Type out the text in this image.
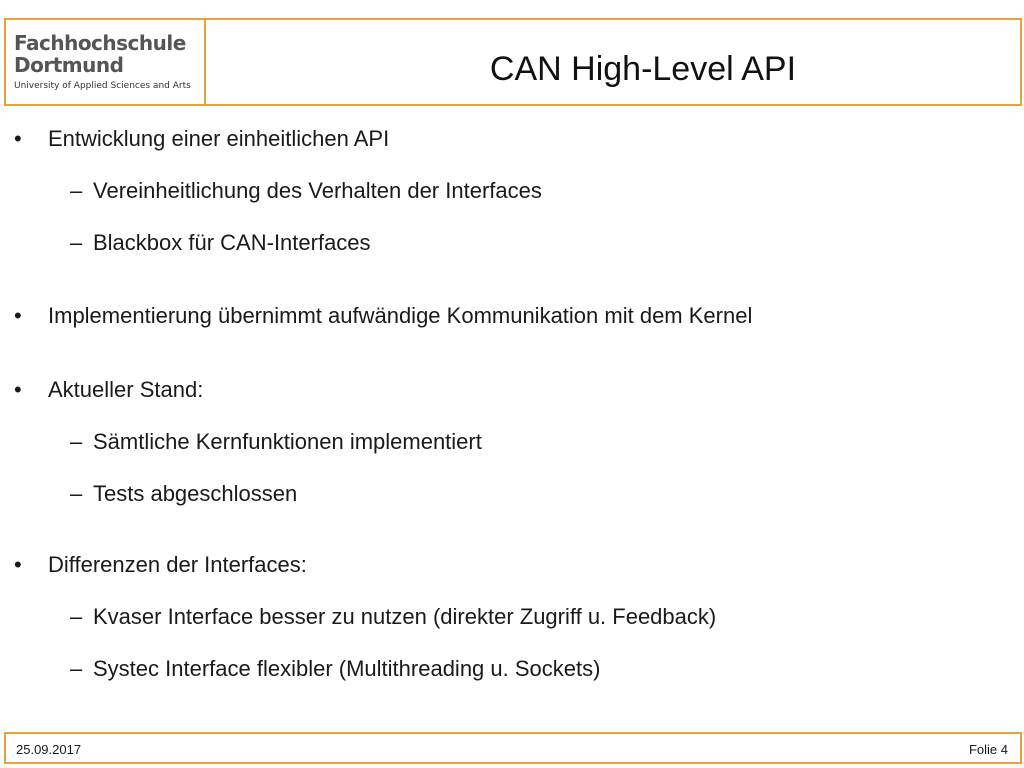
Fachhochschule
Dortmund
University of Applied Sciences and Arts	CAN High-Level API
• Entwicklung einer einheitlichen API
– Vereinheitlichung des Verhalten der Interfaces
– Blackbox für CAN-Interfaces
• Implementierung übernimmt aufwändige Kommunikation mit dem Kernel
• Aktueller Stand:
– Sämtliche Kernfunktionen implementiert
– Tests abgeschlossen
• Differenzen der Interfaces:
– Kvaser Interface besser zu nutzen (direkter Zugriff u. Feedback)
– Systec Interface flexibler (Multithreading u. Sockets)
25.09.2017	Folie 4
